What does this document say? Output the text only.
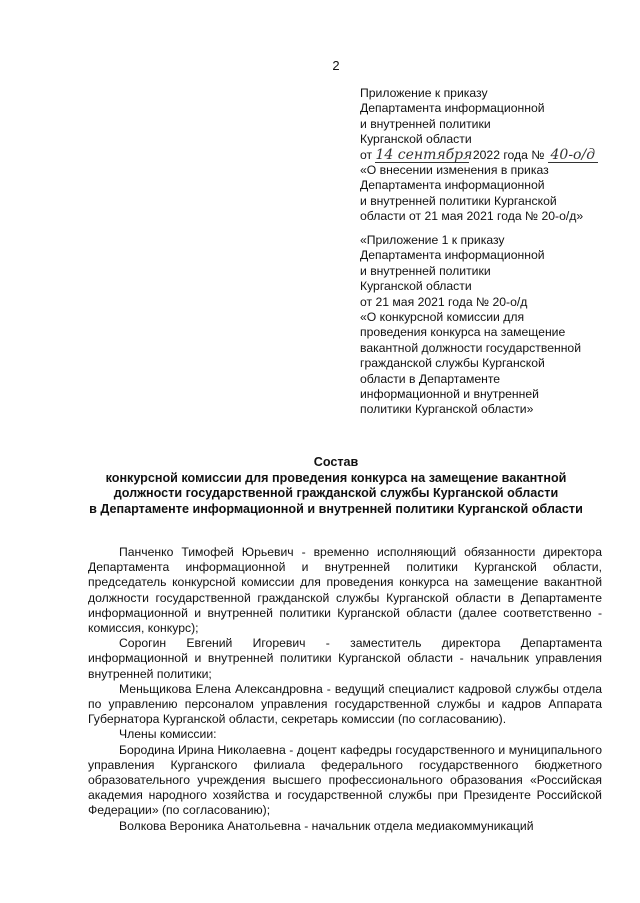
2
Приложение к приказу
Департамента информационной
и внутренней политики
Курганской области
от 14 сентября 2022 года № 40-о/д
«О внесении изменения в приказ
Департамента информационной
и внутренней политики Курганской
области от 21 мая 2021 года № 20-о/д»
«Приложение 1 к приказу
Департамента информационной
и внутренней политики
Курганской области
от 21 мая 2021 года № 20-о/д
«О конкурсной комиссии для
проведения конкурса на замещение
вакантной должности государственной
гражданской службы Курганской
области в Департаменте
информационной и внутренней
политики Курганской области»
Состав
конкурсной комиссии для проведения конкурса на замещение вакантной
должности государственной гражданской службы Курганской области
в Департаменте информационной и внутренней политики Курганской области

Панченко Тимофей Юрьевич - временно исполняющий обязанности директора Департамента информационной и внутренней политики Курганской области, председатель конкурсной комиссии для проведения конкурса на замещение вакантной должности государственной гражданской службы Курганской области в Департаменте информационной и внутренней политики Курганской области (далее соответственно - комиссия, конкурс);

Сорогин Евгений Игоревич - заместитель директора Департамента информационной и внутренней политики Курганской области - начальник управления внутренней политики;

Меньщикова Елена Александровна - ведущий специалист кадровой службы отдела по управлению персоналом управления государственной службы и кадров Аппарата Губернатора Курганской области, секретарь комиссии (по согласованию).

Члены комиссии:

Бородина Ирина Николаевна - доцент кафедры государственного и муниципального управления Курганского филиала федерального государственного бюджетного образовательного учреждения высшего профессионального образования «Российская академия народного хозяйства и государственной службы при Президенте Российской Федерации» (по согласованию);

Волкова Вероника Анатольевна - начальник отдела медиакоммуникаций
